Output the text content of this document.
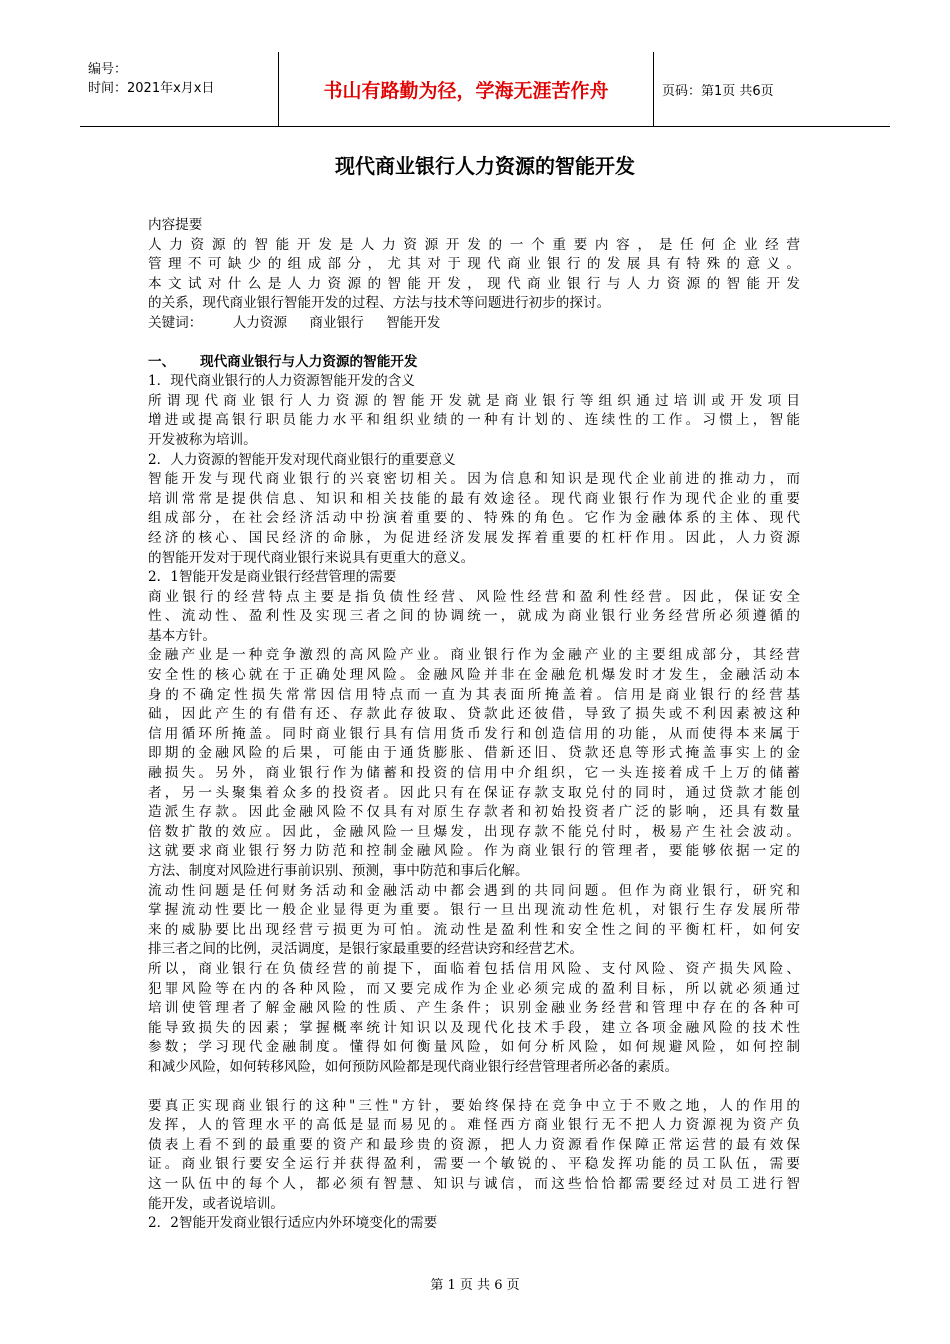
编号：
时间：2021年x月x日	书山有路勤为径，学海无涯苦作舟	页码：第1页 共6页
现代商业银行人力资源的智能开发
内容提要
人力资源的智能开发是人力资源开发的一个重要内容，是任何企业经营
管理不可缺少的组成部分，尤其对于现代商业银行的发展具有特殊的意义。
本文试对什么是人力资源的智能开发，现代商业银行与人力资源的智能开发
的关系，现代商业银行智能开发的过程、方法与技术等问题进行初步的探讨。
关键词： 人力资源 商业银行 智能开发
一、 现代商业银行与人力资源的智能开发
1．现代商业银行的人力资源智能开发的含义
所谓现代商业银行人力资源的智能开发就是商业银行等组织通过培训或开发项目
增进或提高银行职员能力水平和组织业绩的一种有计划的、连续性的工作。习惯上，智能
开发被称为培训。
2．人力资源的智能开发对现代商业银行的重要意义
智能开发与现代商业银行的兴衰密切相关。因为信息和知识是现代企业前进的推动力，而
培训常常是提供信息、知识和相关技能的最有效途径。现代商业银行作为现代企业的重要
组成部分，在社会经济活动中扮演着重要的、特殊的角色。它作为金融体系的主体、现代
经济的核心、国民经济的命脉，为促进经济发展发挥着重要的杠杆作用。因此，人力资源
的智能开发对于现代商业银行来说具有更重大的意义。
2．1智能开发是商业银行经营管理的需要
商业银行的经营特点主要是指负债性经营、风险性经营和盈利性经营。因此，保证安全
性、流动性、盈利性及实现三者之间的协调统一，就成为商业银行业务经营所必须遵循的
基本方针。
金融产业是一种竞争激烈的高风险产业。商业银行作为金融产业的主要组成部分，其经营
安全性的核心就在于正确处理风险。金融风险并非在金融危机爆发时才发生，金融活动本
身的不确定性损失常常因信用特点而一直为其表面所掩盖着。信用是商业银行的经营基
础，因此产生的有借有还、存款此存彼取、贷款此还彼借，导致了损失或不利因素被这种
信用循环所掩盖。同时商业银行具有信用货币发行和创造信用的功能，从而使得本来属于
即期的金融风险的后果，可能由于通货膨胀、借新还旧、贷款还息等形式掩盖事实上的金
融损失。另外，商业银行作为储蓄和投资的信用中介组织，它一头连接着成千上万的储蓄
者，另一头聚集着众多的投资者。因此只有在保证存款支取兑付的同时，通过贷款才能创
造派生存款。因此金融风险不仅具有对原生存款者和初始投资者广泛的影响，还具有数量
倍数扩散的效应。因此，金融风险一旦爆发，出现存款不能兑付时，极易产生社会波动。
这就要求商业银行努力防范和控制金融风险。作为商业银行的管理者，要能够依据一定的
方法、制度对风险进行事前识别、预测，事中防范和事后化解。
流动性问题是任何财务活动和金融活动中都会遇到的共同问题。但作为商业银行，研究和
掌握流动性要比一般企业显得更为重要。银行一旦出现流动性危机，对银行生存发展所带
来的威胁要比出现经营亏损更为可怕。流动性是盈利性和安全性之间的平衡杠杆，如何安
排三者之间的比例，灵活调度，是银行家最重要的经营诀窍和经营艺术。
所以，商业银行在负债经营的前提下，面临着包括信用风险、支付风险、资产损失风险、
犯罪风险等在内的各种风险，而又要完成作为企业必须完成的盈利目标，所以就必须通过
培训使管理者了解金融风险的性质、产生条件；识别金融业务经营和管理中存在的各种可
能导致损失的因素；掌握概率统计知识以及现代化技术手段，建立各项金融风险的技术性
参数；学习现代金融制度。懂得如何衡量风险，如何分析风险，如何规避风险，如何控制
和减少风险，如何转移风险，如何预防风险都是现代商业银行经营管理者所必备的素质。
要真正实现商业银行的这种"三性"方针，要始终保持在竞争中立于不败之地，人的作用的
发挥，人的管理水平的高低是显而易见的。难怪西方商业银行无不把人力资源视为资产负
债表上看不到的最重要的资产和最珍贵的资源，把人力资源看作保障正常运营的最有效保
证。商业银行要安全运行并获得盈利，需要一个敏锐的、平稳发挥功能的员工队伍，需要
这一队伍中的每个人，都必须有智慧、知识与诚信，而这些恰恰都需要经过对员工进行智
能开发，或者说培训。
2．2智能开发商业银行适应内外环境变化的需要
第 1 页 共 6 页
